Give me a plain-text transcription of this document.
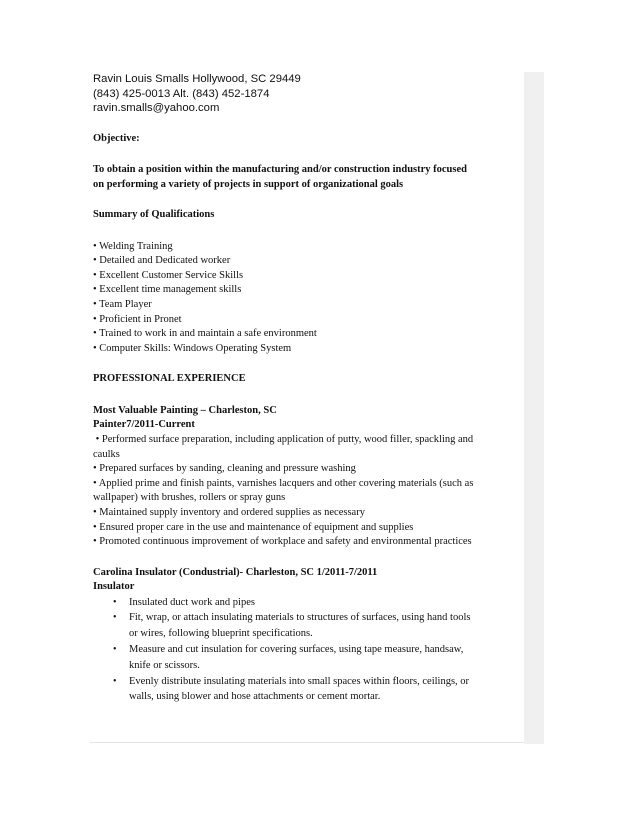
Ravin Louis Smalls Hollywood, SC 29449
(843) 425-0013 Alt. (843) 452-1874
ravin.smalls@yahoo.com
Objective:
To obtain a position within the manufacturing and/or construction industry focused
on performing a variety of projects in support of organizational goals
Summary of Qualifications
• Welding Training
• Detailed and Dedicated worker
• Excellent Customer Service Skills
• Excellent time management skills
• Team Player
• Proficient in Pronet
• Trained to work in and maintain a safe environment
• Computer Skills: Windows Operating System
PROFESSIONAL EXPERIENCE
Most Valuable Painting – Charleston, SC
Painter7/2011-Current
• Performed surface preparation, including application of putty, wood filler, spackling and
caulks
• Prepared surfaces by sanding, cleaning and pressure washing
• Applied prime and finish paints, varnishes lacquers and other covering materials (such as
wallpaper) with brushes, rollers or spray guns
• Maintained supply inventory and ordered supplies as necessary
• Ensured proper care in the use and maintenance of equipment and supplies
• Promoted continuous improvement of workplace and safety and environmental practices
Carolina Insulator (Condustrial)- Charleston, SC 1/2011-7/2011
Insulator
• Insulated duct work and pipes
• Fit, wrap, or attach insulating materials to structures of surfaces, using hand tools
or wires, following blueprint specifications.
• Measure and cut insulation for covering surfaces, using tape measure, handsaw,
knife or scissors.
• Evenly distribute insulating materials into small spaces within floors, ceilings, or
walls, using blower and hose attachments or cement mortar.
